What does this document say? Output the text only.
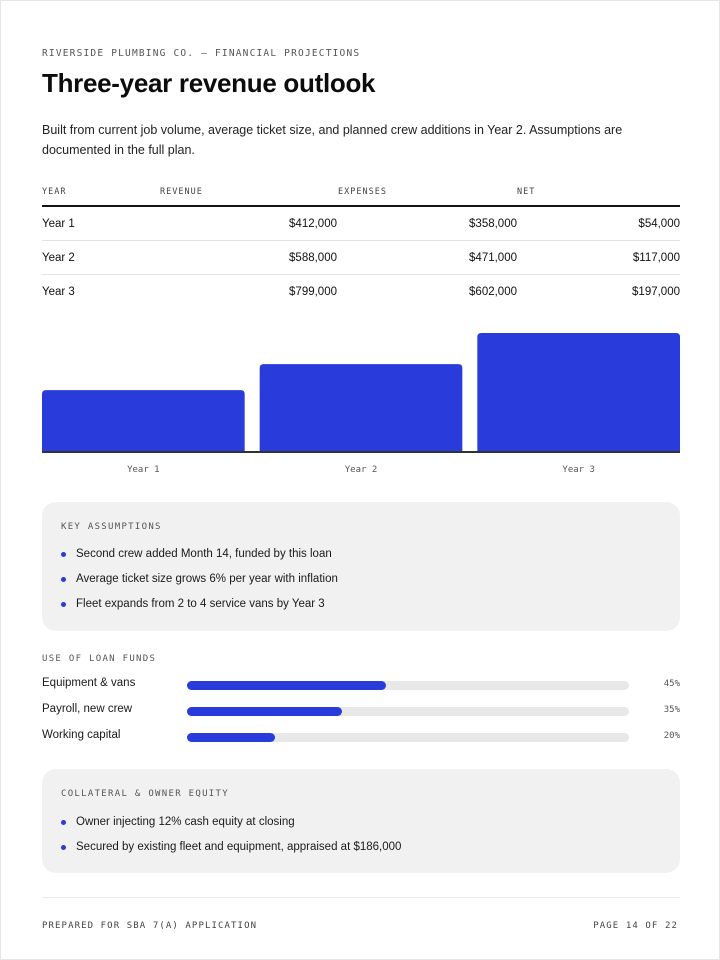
RIVERSIDE PLUMBING CO. — FINANCIAL PROJECTIONS
Three-year revenue outlook

Built from current job volume, average ticket size, and planned crew additions in Year 2. Assumptions are documented in the full plan.

YEAR	REVENUE	EXPENSES	NET
Year 1	$412,000	$358,000	$54,000
Year 2	$588,000	$471,000	$117,000
Year 3	$799,000	$602,000	$197,000
Year 1	Year 2	Year 3
KEY ASSUMPTIONS
Second crew added Month 14, funded by this loan
Average ticket size grows 6% per year with inflation
Fleet expands from 2 to 4 service vans by Year 3
USE OF LOAN FUNDS
Equipment & vans	45%
Payroll, new crew	35%
Working capital	20%
COLLATERAL & OWNER EQUITY
Owner injecting 12% cash equity at closing
Secured by existing fleet and equipment, appraised at $186,000
PREPARED FOR SBA 7(A) APPLICATION	PAGE 14 OF 22
